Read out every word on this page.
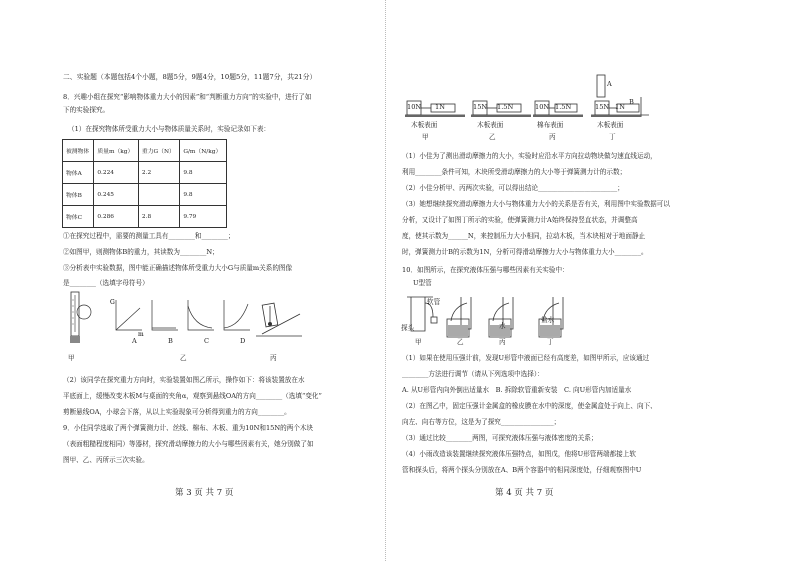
二、实验题（本题包括4个小题，8题5分，9题4分，10题5分，11题7分，共21分）
8．兴趣小组在探究“影响物体重力大小的因素”和“判断重力方向”的实验中，进行了如
下的实验探究。
（1）在探究物体所受重力大小与物体质量关系时，实验记录如下表：
被测物体	质量m（kg）	重力G（N）	G/m（N/kg）
物体A	0.224	2.2	9.8
物体B	0.245		9.8
物体C	0.286	2.8	9.79
①在探究过程中，需要的测量工具有________和________；
②如图甲，则测物体B的重力，其读数为________N；
③分析表中实验数据，图中能正确描述物体所受重力大小G与质量m关系的图像
是________（选填字母符号）
甲
G
m
A	B	C	D
乙	丙
（2）该同学在探究重力方向时，实验装置如图乙所示，操作如下：将该装置放在水
平底面上，缓慢改变木板M与桌面的夹角α，观察到悬线OA的方向________（选填“变化”
剪断悬线OA，小球会下落，从以上实验现象可分析得到重力的方向________。
9．小佳同学选取了两个弹簧测力计、丝线、棉布、木板、重为10N和15N的两个木块
（表面粗糙程度相同）等器材，探究滑动摩擦力的大小与哪些因素有关，她分别做了如
图甲、乙、丙所示三次实验。
第 3 页 共 7 页
10N 1N	15N 1.5N	10N 1.5N	15N 1N
A
B
木板表面	木板表面	棉布表面	木板表面
甲	乙	丙	丁
（1）小佳为了测出滑动摩擦力的大小，实验时应沿水平方向拉动物块做匀速直线运动，
利用________条件可知，木块所受滑动摩擦力的大小等于弹簧测力计的示数；
（2）小佳分析甲、丙两次实验，可以得出结论________________________；
（3）她想继续探究滑动摩擦力大小与物体重力大小的关系是否有关，利用图中实验数据可以
分析，又设计了如图丁所示的实验，使弹簧测力计A始终保持竖直状态，并调整高
度，使其示数为______N，来控制压力大小相同，拉动木板，当木块相对于地面静止
时，弹簧测力计B的示数为1N，分析可得滑动摩擦力大小与物体重力大小________。
10．如图所示，在探究液体压强与哪些因素有关实验中：
U型管
软管
探头	水
盐水
甲	乙	丙	丁
（1）如果在使用压强计前，发现U形管中液面已经有高度差，如图甲所示，应该通过
________方法进行调节（请从下列选项中选择）：
A. 从U形管内向外倒出适量水　B. 拆除软管重新安装　C. 向U形管内加适量水
（2）在图乙中，固定压强计金属盒的橡皮膜在水中的深度，使金属盒处于向上、向下、
向左、向右等方位，这是为了探究________________；
（3）通过比较________两图，可探究液体压强与液体密度的关系；
（4）小雨改造该装置继续探究液体压强特点，如图戊，他将U形管两端都接上软
管和探头后，将两个探头分别放在A、B两个容器中的相同深度处，仔细观察图中U
第 4 页 共 7 页
